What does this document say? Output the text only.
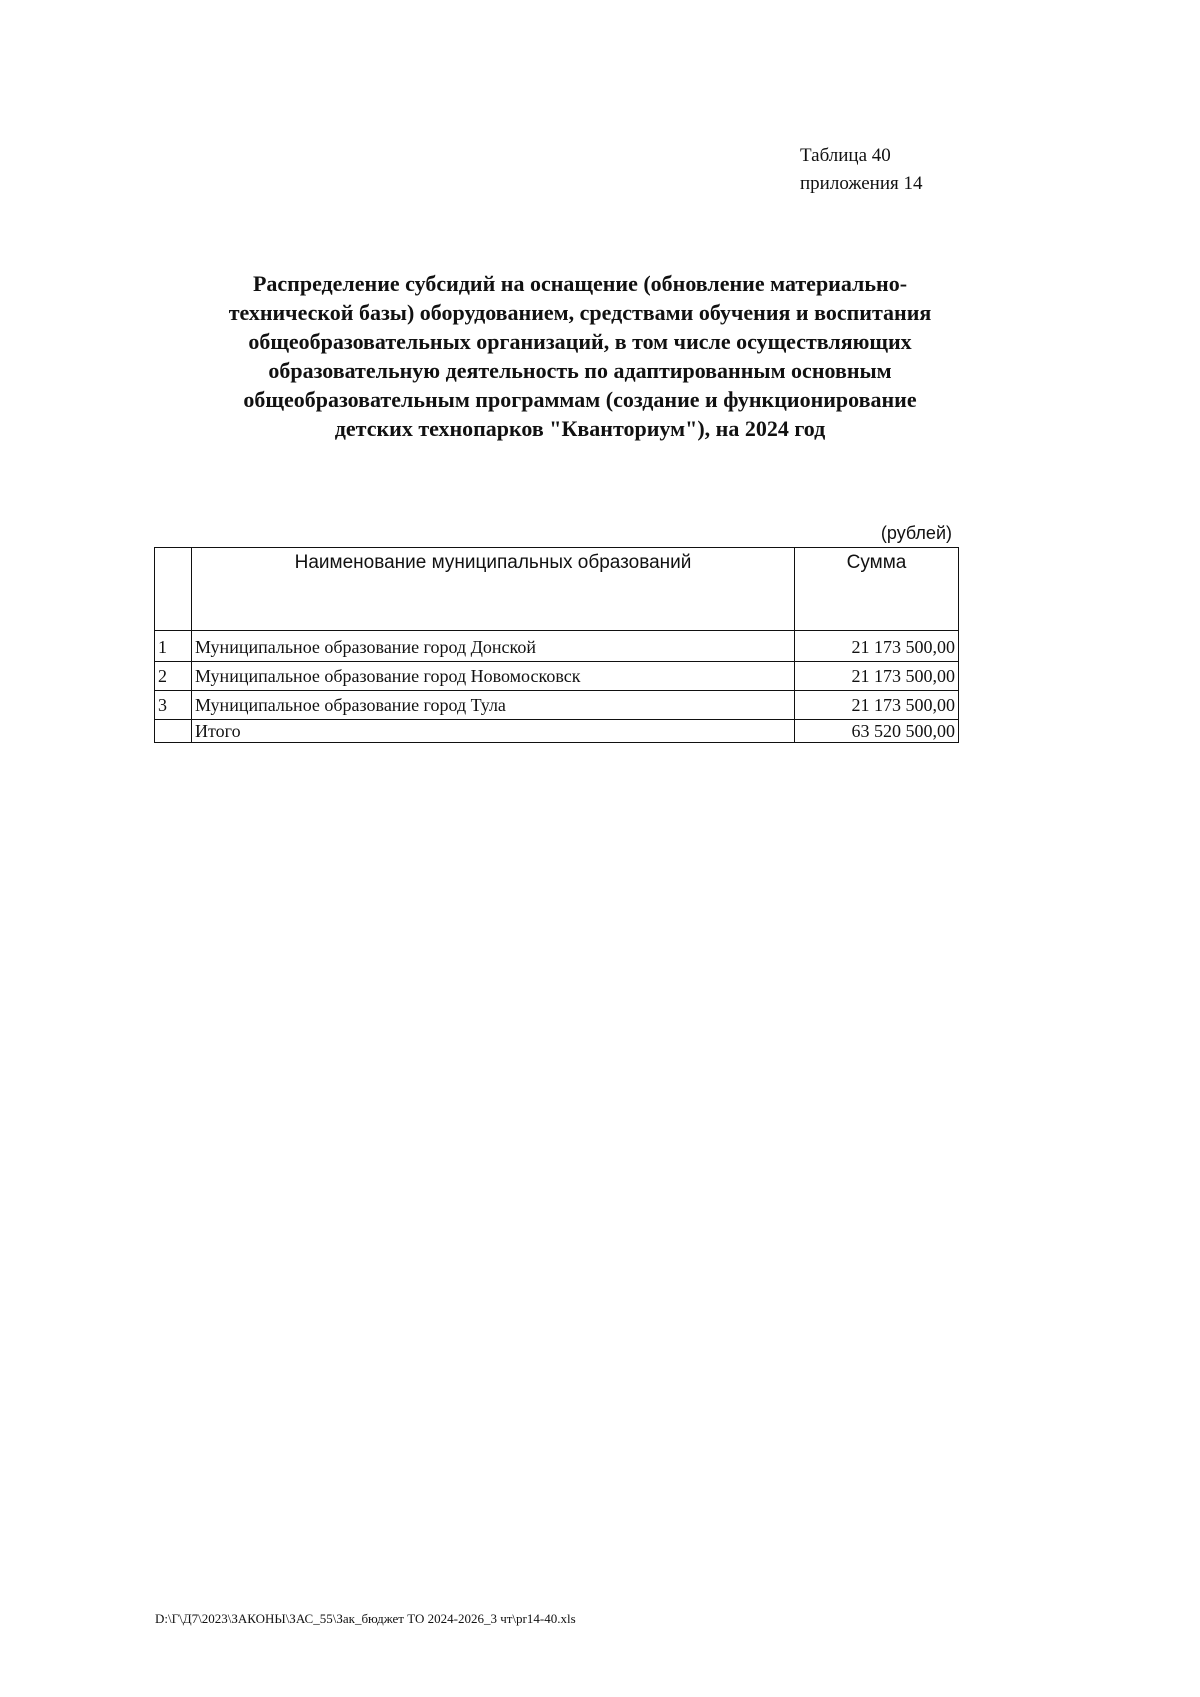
Таблица 40
приложения 14
Распределение субсидий на оснащение (обновление материально-
технической базы) оборудованием, средствами обучения и воспитания
общеобразовательных организаций, в том числе осуществляющих
образовательную деятельность по адаптированным основным
общеобразовательным программам (создание и функционирование
детских технопарков "Кванториум"), на 2024 год
(рублей)
	Наименование муниципальных образований	Сумма
1	Муниципальное образование город Донской	21 173 500,00
2	Муниципальное образование город Новомосковск	21 173 500,00
3	Муниципальное образование город Тула	21 173 500,00
	Итого	63 520 500,00
D:\Г\Д7\2023\ЗАКОНЫ\ЗАС_55\Зак_бюджет ТО 2024-2026_3 чт\pr14-40.xls
